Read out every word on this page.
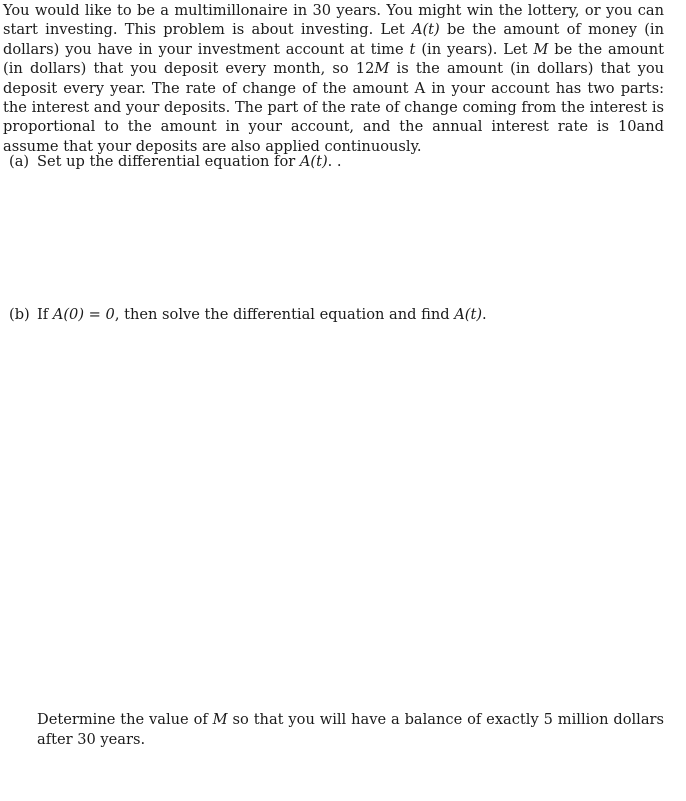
You would like to be a multimillonaire in 30 years. You might win the lottery, or you can start investing. This problem is about investing. Let A(t) be the amount of money (in dollars) you have in your investment account at time t (in years). Let M be the amount (in dollars) that you deposit every month, so 12M is the amount (in dollars) that you deposit every year. The rate of change of the amount A in your account has two parts: the interest and your deposits. The part of the rate of change coming from the interest is proportional to the amount in your account, and the annual interest rate is 10and assume that your deposits are also applied continuously.

(a) Set up the differential equation for A(t). .

(b) If A(0) = 0, then solve the differential equation and find A(t).

Determine the value of M so that you will have a balance of exactly 5 million dollars after 30 years.
